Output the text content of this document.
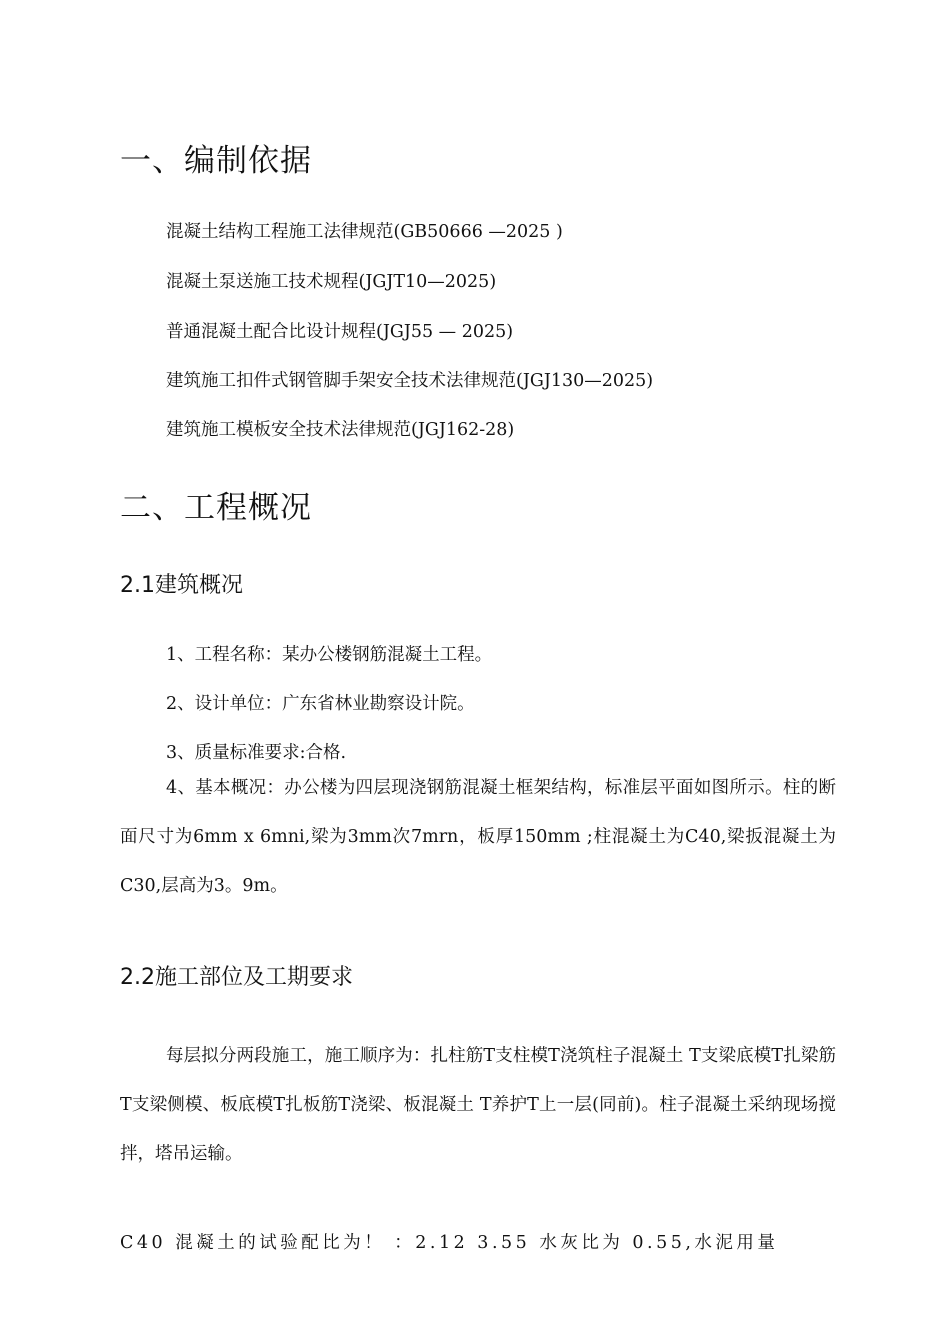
一、编制依据
混凝土结构工程施工法律规范(GB50666 —2025 )
混凝土泵送施工技术规程(JGJT10—2025)
普通混凝土配合比设计规程(JGJ55 — 2025)
建筑施工扣件式钢管脚手架安全技术法律规范(JGJ130—2025)
建筑施工模板安全技术法律规范(JGJ162-28)
二、工程概况
2.1建筑概况
1、工程名称：某办公楼钢筋混凝土工程。
2、设计单位：广东省林业勘察设计院。
3、质量标准要求:合格.

4、基本概况：办公楼为四层现浇钢筋混凝土框架结构，标准层平面如图所示。柱的断面尺寸为6mm x 6mni,梁为3mm次7mrn，板厚150mm ;柱混凝土为C40,梁扳混凝土为C30,层高为3。9m。

2.2施工部位及工期要求

每层拟分两段施工，施工顺序为：扎柱筋T支柱模T浇筑柱子混凝土 T支梁底模T扎梁筋T支梁侧模、板底模T扎板筋T浇梁、板混凝土 T养护T上一层(同前)。柱子混凝土采纳现场搅拌，塔吊运输。

C40 混凝土的试验配比为！ ：2.12 3.55 水灰比为 0.55,水泥用量
